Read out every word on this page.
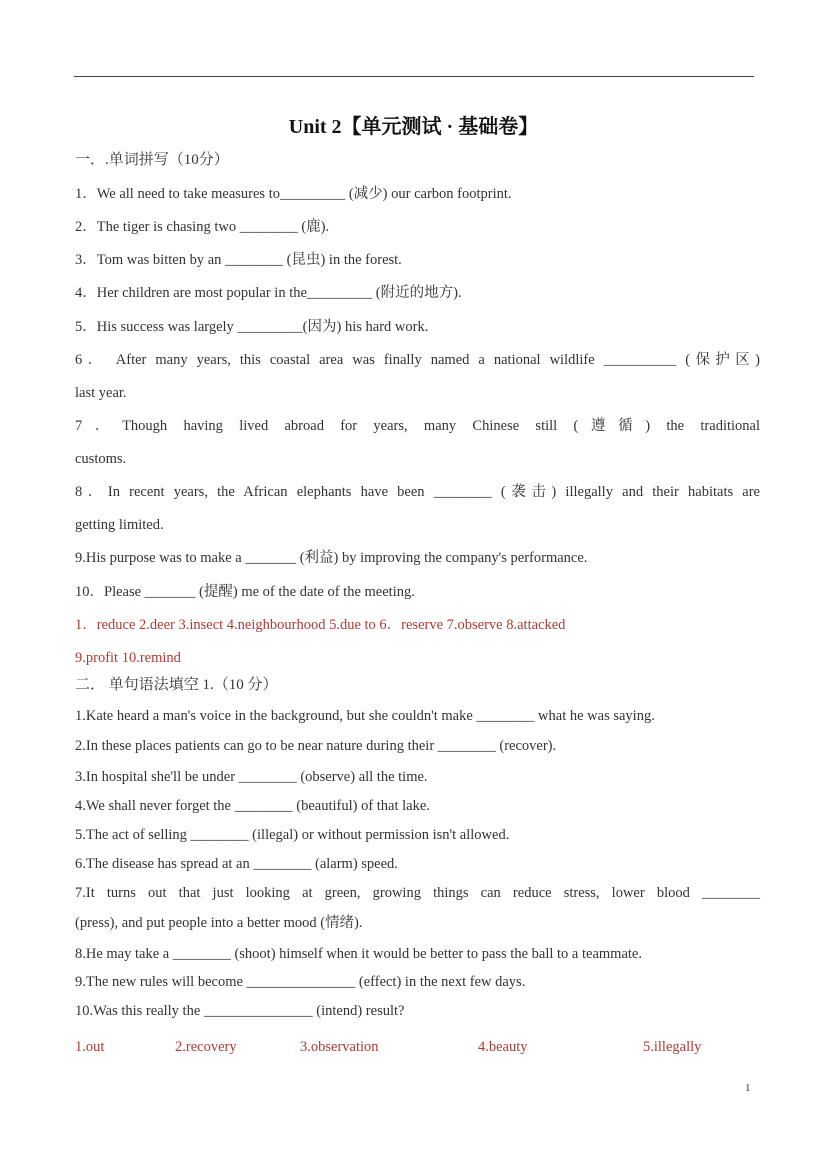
Unit 2【单元测试 · 基础卷】
一．.单词拼写（10分）
1．We all need to take measures to_________ (减少) our carbon footprint.
2．The tiger is chasing two ________ (鹿).
3．Tom was bitten by an ________ (昆虫) in the forest.
4．Her children are most popular in the_________ (附近的地方).
5．His success was largely _________(因为) his hard work.
6． After many years, this coastal area was finally named a national wildlife __________ (保护区)
last year.
7．Though having lived abroad for years, many Chinese still (遵循) the traditional
customs.
8．In recent years, the African elephants have been ________ (袭击) illegally and their habitats are
getting limited.
9.His purpose was to make a _______ (利益) by improving the company's performance.
10．Please _______ (提醒) me of the date of the meeting.
1．reduce 2.deer 3.insect 4.neighbourhood 5.due to 6．reserve 7.observe 8.attacked
9.profit 10.remind
二． 单句语法填空 1.（10 分）
1.Kate heard a man's voice in the background, but she couldn't make ________ what he was saying.
2.In these places patients can go to be near nature during their ________ (recover).
3.In hospital she'll be under ________ (observe) all the time.
4.We shall never forget the ________ (beautiful) of that lake.
5.The act of selling ________ (illegal) or without permission isn't allowed.
6.The disease has spread at an ________ (alarm) speed.
7.It turns out that just looking at green, growing things can reduce stress, lower blood ________
(press), and put people into a better mood (情绪).
8.He may take a ________ (shoot) himself when it would be better to pass the ball to a teammate.
9.The new rules will become _______________ (effect) in the next few days.
10.Was this really the _______________ (intend) result?
1.out	2.recovery	3.observation	4.beauty	5.illegally
1
